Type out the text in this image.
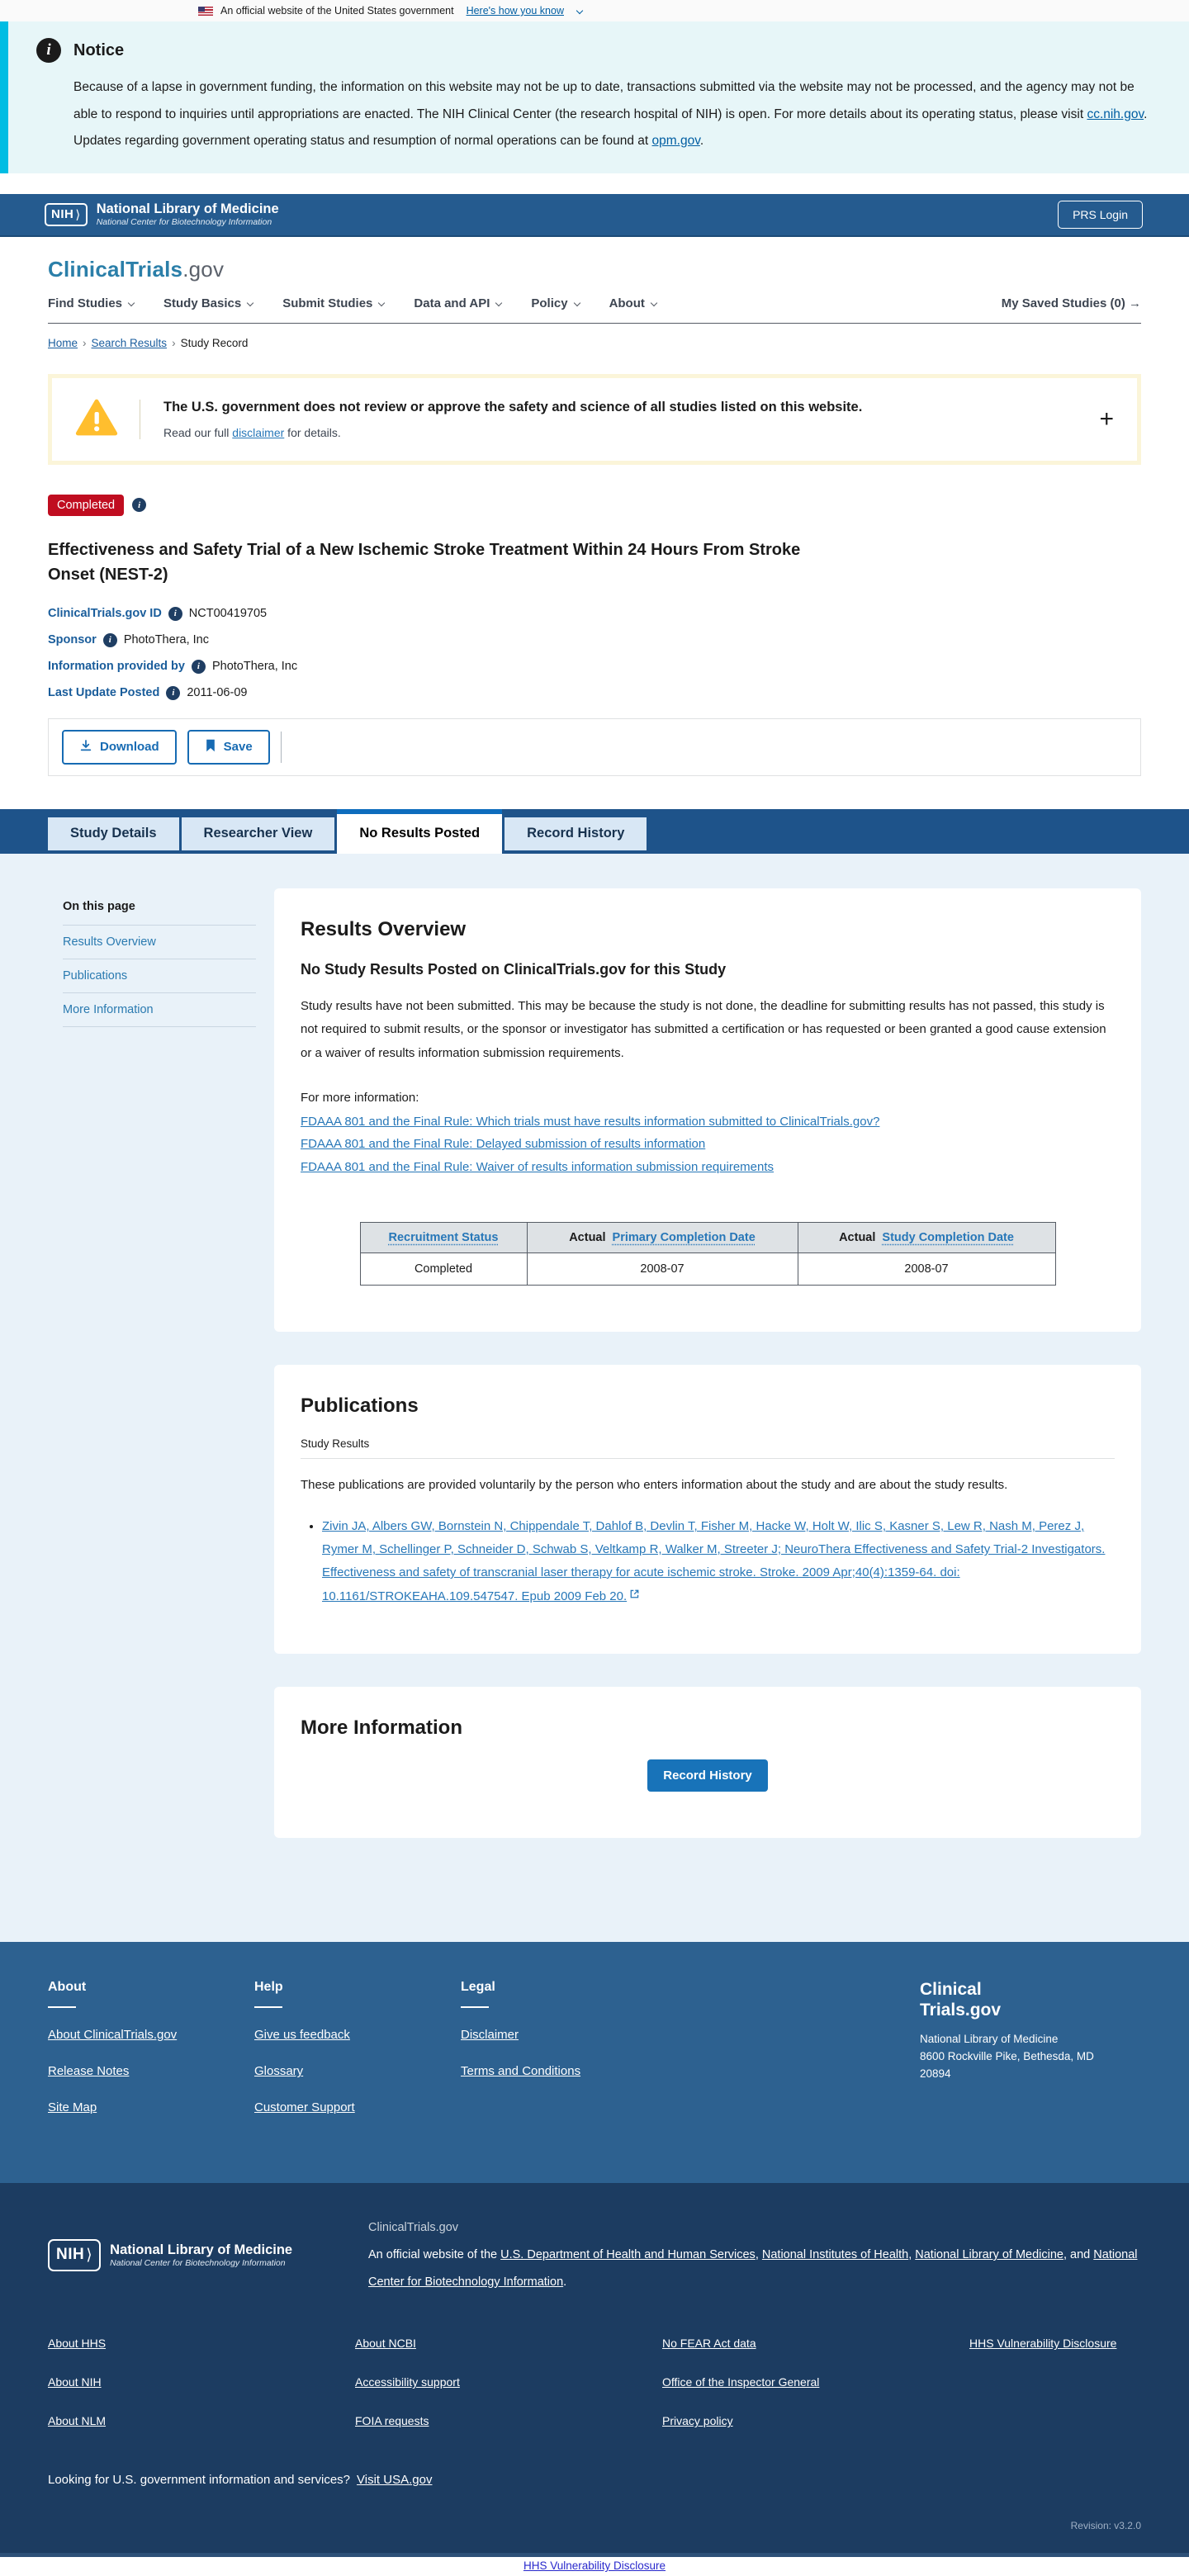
An official website of the United States government Here's how you know
i	Notice

Because of a lapse in government funding, the information on this website may not be up to date, transactions submitted via the website may not be processed, and the agency may not be able to respond to inquiries until appropriations are enacted. The NIH Clinical Center (the research hospital of NIH) is open. For more details about its operating status, please visit cc.nih.gov. Updates regarding government operating status and resumption of normal operations can be found at opm.gov.

NIH ⟩ National Library of Medicine
National Center for Biotechnology Information
PRS Login
ClinicalTrials.gov
Find Studies	Study Basics	Submit Studies	Data and API	Policy	About	My Saved Studies (0) →
Home › Search Results › Study Record
The U.S. government does not review or approve the safety and science of all studies listed on this website.
Read our full disclaimer for details.	+
Completed	i
Effectiveness and Safety Trial of a New Ischemic Stroke Treatment Within 24 Hours From Stroke Onset (NEST-2)
ClinicalTrials.gov ID	i	NCT00419705
Sponsor	i	PhotoThera, Inc
Information provided by	i	PhotoThera, Inc
Last Update Posted	i	2011-06-09
Download	Save
Study Details	Researcher View	No Results Posted	Record History
On this page
Results Overview
Publications
More Information
Results Overview
No Study Results Posted on ClinicalTrials.gov for this Study

Study results have not been submitted. This may be because the study is not done, the deadline for submitting results has not passed, this study is not required to submit results, or the sponsor or investigator has submitted a certification or has requested or been granted a good cause extension or a waiver of results information submission requirements.

For more information:

FDAAA 801 and the Final Rule: Which trials must have results information submitted to ClinicalTrials.gov?
FDAAA 801 and the Final Rule: Delayed submission of results information
FDAAA 801 and the Final Rule: Waiver of results information submission requirements
Recruitment Status	Actual Primary Completion Date	Actual Study Completion Date
Completed	2008-07	2008-07
Publications
Study Results

These publications are provided voluntarily by the person who enters information about the study and are about the study results.

• Zivin JA, Albers GW, Bornstein N, Chippendale T, Dahlof B, Devlin T, Fisher M, Hacke W, Holt W, Ilic S, Kasner S, Lew R, Nash M, Perez J, Rymer M, Schellinger P, Schneider D, Schwab S, Veltkamp R, Walker M, Streeter J; NeuroThera Effectiveness and Safety Trial-2 Investigators. Effectiveness and safety of transcranial laser therapy for acute ischemic stroke. Stroke. 2009 Apr;40(4):1359-64. doi: 10.1161/STROKEAHA.109.547547. Epub 2009 Feb 20.
More Information
Record History
About
About ClinicalTrials.gov
Release Notes
Site Map
Help
Give us feedback
Glossary
Customer Support
Legal
Disclaimer
Terms and Conditions
Clinical
Trials.gov
National Library of Medicine
8600 Rockville Pike, Bethesda, MD
20894
NIH ⟩ National Library of Medicine
National Center for Biotechnology Information
ClinicalTrials.gov
An official website of the U.S. Department of Health and Human Services, National Institutes of Health, National Library of Medicine, and National Center for Biotechnology Information.
About HHS
About NIH
About NLM
About NCBI
Accessibility support
FOIA requests
No FEAR Act data
Office of the Inspector General
Privacy policy
HHS Vulnerability Disclosure
Looking for U.S. government information and services? Visit USA.gov
Revision: v3.2.0
HHS Vulnerability Disclosure
